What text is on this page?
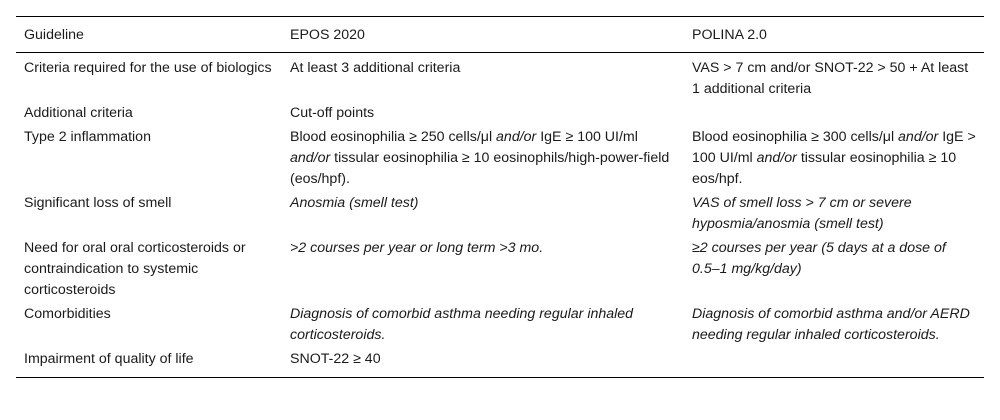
Guideline	EPOS 2020	POLINA 2.0
Criteria required for the use of biologics	At least 3 additional criteria	VAS > 7 cm and/or SNOT-22 > 50 + At least 1 additional criteria
Additional criteria	Cut-off points	
Type 2 inflammation	Blood eosinophilia ≥ 250 cells/μl and/or IgE ≥ 100 UI/ml and/or tissular eosinophilia ≥ 10 eosinophils/high-power-field (eos/hpf).	Blood eosinophilia ≥ 300 cells/μl and/or IgE > 100 UI/ml and/or tissular eosinophilia ≥ 10 eos/hpf.
Significant loss of smell	Anosmia (smell test)	VAS of smell loss > 7 cm or severe hyposmia/anosmia (smell test)
Need for oral oral corticosteroids or contraindication to systemic corticosteroids	>2 courses per year or long term >3 mo.	≥2 courses per year (5 days at a dose of 0.5–1 mg/kg/day)
Comorbidities	Diagnosis of comorbid asthma needing regular inhaled corticosteroids.	Diagnosis of comorbid asthma and/or AERD needing regular inhaled corticosteroids.
Impairment of quality of life	SNOT-22 ≥ 40	
